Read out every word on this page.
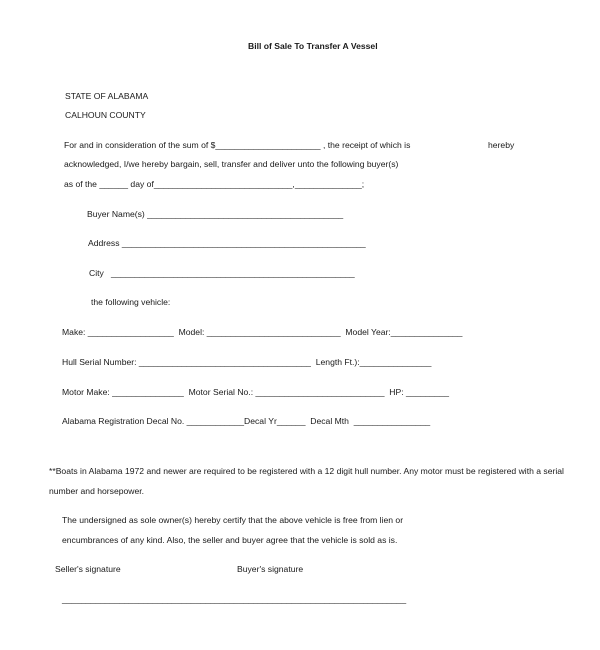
Bill of Sale To Transfer A Vessel
STATE OF ALABAMA
CALHOUN COUNTY
For and in consideration of the sum of $______________________ , the receipt of which is	hereby
acknowledged, I/we hereby bargain, sell, transfer and deliver unto the following buyer(s)
as of the ______ day of_____________________________,______________;
Buyer Name(s) _________________________________________
Address ___________________________________________________
City   ___________________________________________________
the following vehicle:
Make: __________________  Model: ____________________________  Model Year:_______________
Hull Serial Number: ____________________________________  Length Ft.):_______________
Motor Make: _______________  Motor Serial No.: ___________________________  HP: _________
Alabama Registration Decal No. ____________Decal Yr______  Decal Mth  ________________
**Boats in Alabama 1972 and newer are required to be registered with a 12 digit hull number. Any motor must be registered with a serial
number and horsepower.
The undersigned as sole owner(s) hereby certify that the above vehicle is free from lien or
encumbrances of any kind. Also, the seller and buyer agree that the vehicle is sold as is.
Seller's signature	Buyer's signature
________________________________________________________________________
